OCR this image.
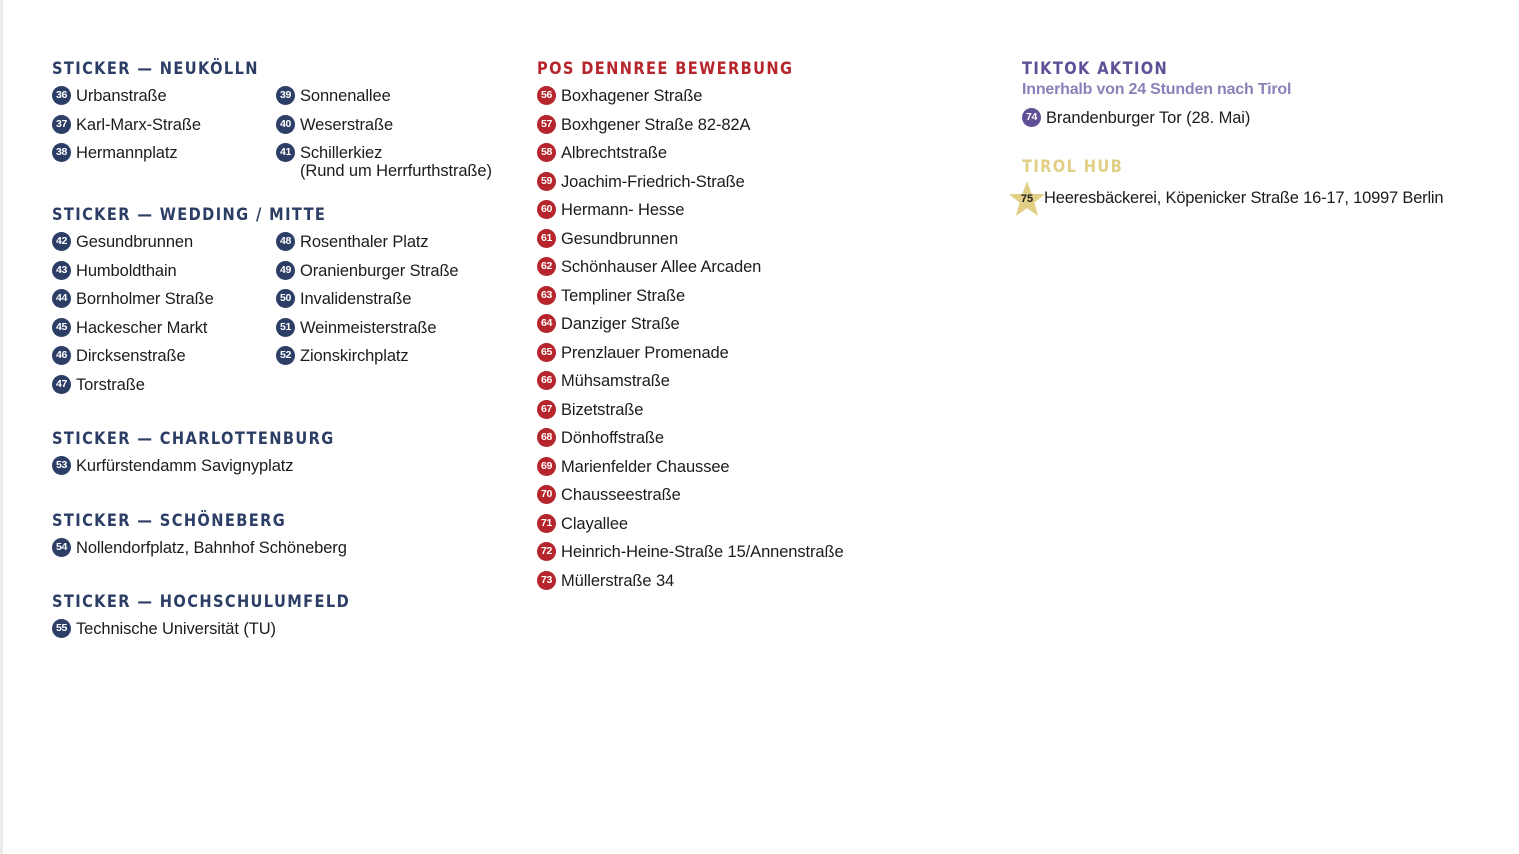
STICKER — NEUKÖLLN
36 Urbanstraße
37 Karl-Marx-Straße
38 Hermannplatz
39 Sonnenallee
40 Weserstraße
41 Schillerkiez
(Rund um Herrfurthstraße)
STICKER — WEDDING / MITTE
42 Gesundbrunnen
43 Humboldthain
44 Bornholmer Straße
45 Hackescher Markt
46 Dircksenstraße
47 Torstraße
48 Rosenthaler Platz
49 Oranienburger Straße
50 Invalidenstraße
51 Weinmeisterstraße
52 Zionskirchplatz
STICKER — CHARLOTTENBURG
53 Kurfürstendamm Savignyplatz
STICKER — SCHÖNEBERG
54 Nollendorfplatz, Bahnhof Schöneberg
STICKER — HOCHSCHULUMFELD
55 Technische Universität (TU)
POS DENNREE BEWERBUNG
56 Boxhagener Straße
57 Boxhgener Straße 82-82A
58 Albrechtstraße
59 Joachim-Friedrich-Straße
60 Hermann- Hesse
61 Gesundbrunnen
62 Schönhauser Allee Arcaden
63 Templiner Straße
64 Danziger Straße
65 Prenzlauer Promenade
66 Mühsamstraße
67 Bizetstraße
68 Dönhoffstraße
69 Marienfelder Chaussee
70 Chausseestraße
71 Clayallee
72 Heinrich-Heine-Straße 15/Annenstraße
73 Müllerstraße 34
TIKTOK AKTION
Innerhalb von 24 Stunden nach Tirol
74 Brandenburger Tor (28. Mai)
TIROL HUB
75 Heeresbäckerei, Köpenicker Straße 16-17, 10997 Berlin
